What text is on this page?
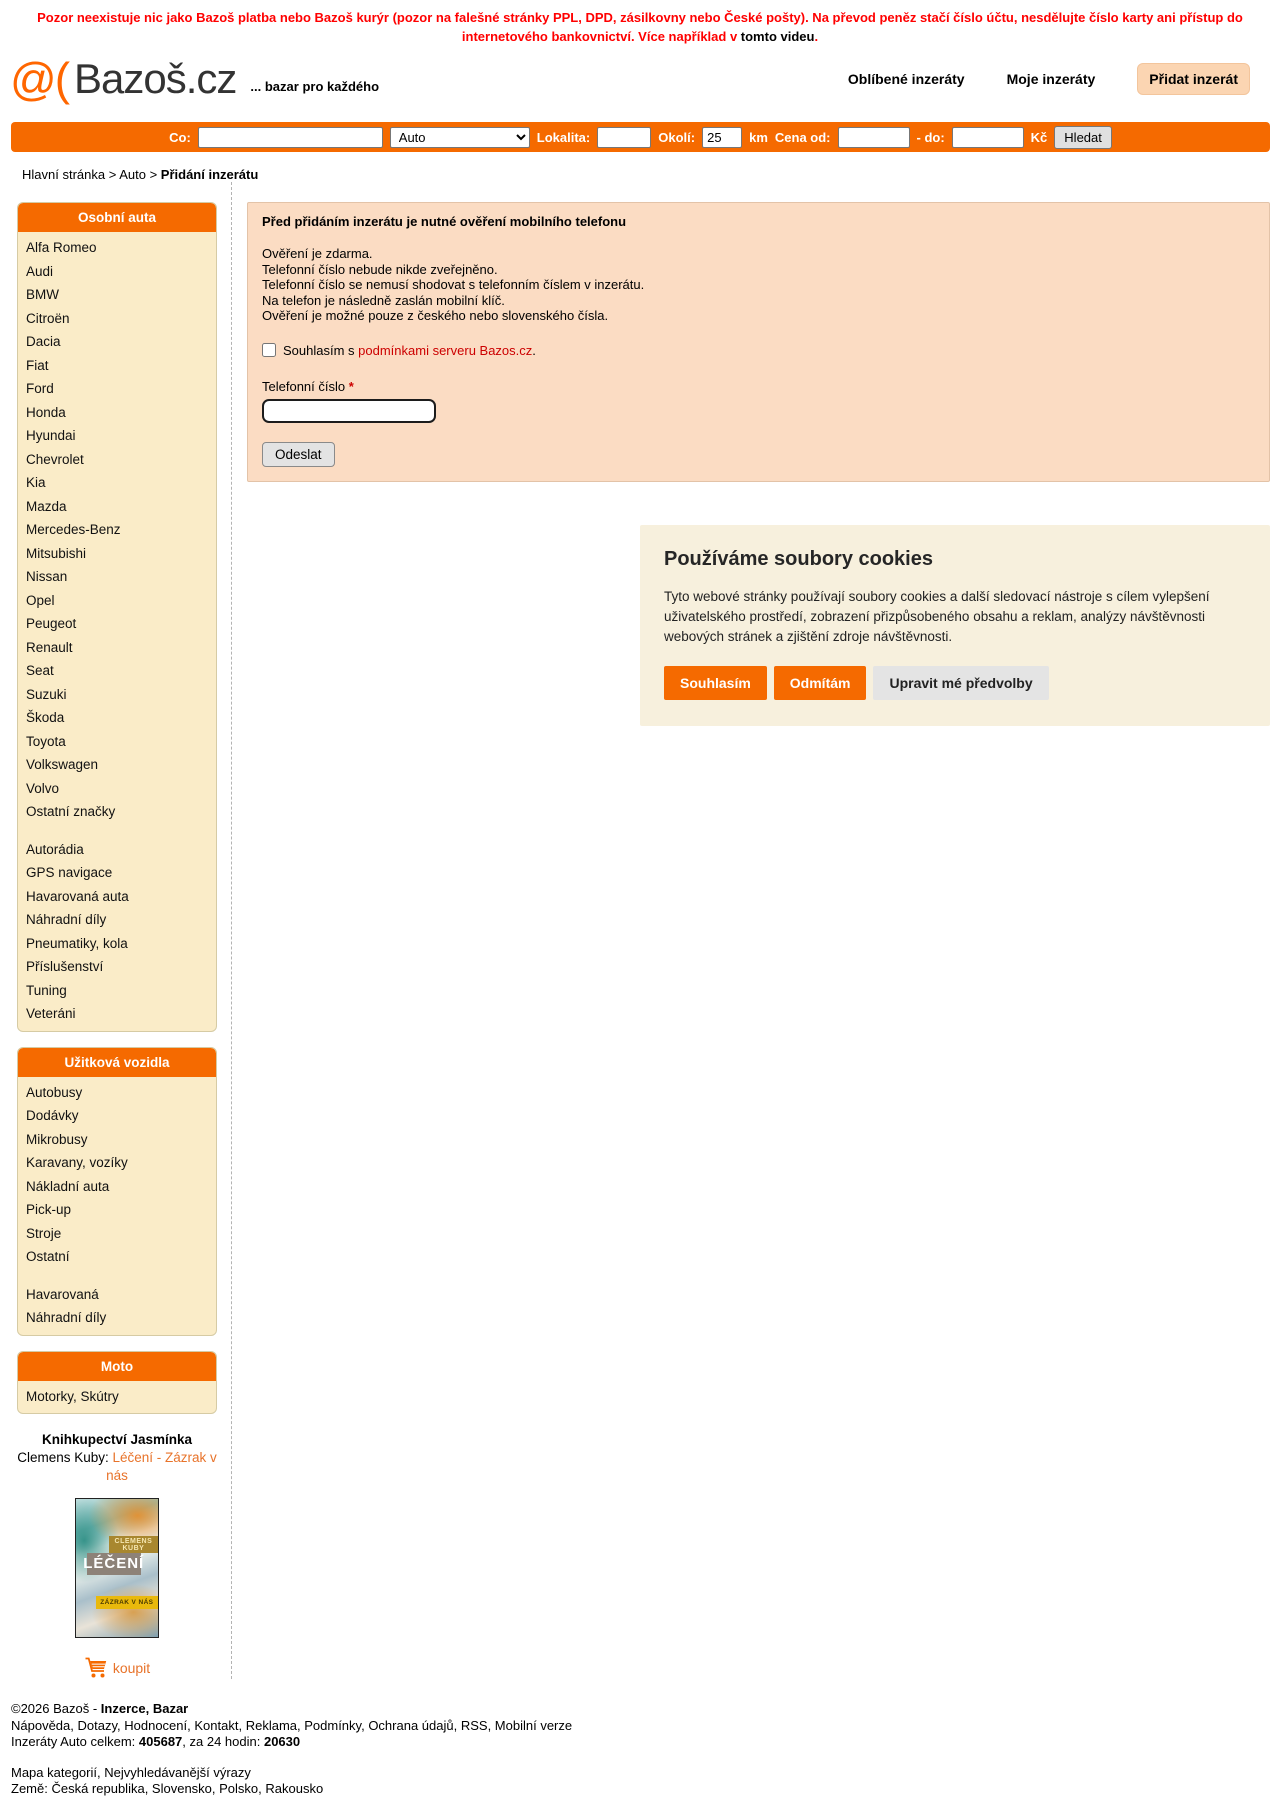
Pozor neexistuje nic jako Bazoš platba nebo Bazoš kurýr (pozor na falešné stránky PPL, DPD, zásilkovny nebo České pošty). Na převod peněz stačí číslo účtu, nesdělujte číslo karty ani přístup do internetového bankovnictví. Více například v tomto videu.

@( Bazoš.cz ... bazar pro každého	Oblíbené inzeráty	Moje inzeráty	Přidat inzerát
Co:
Auto	Lokalita:	Okolí:
25	km Cena od:	- do:	Kč	Hledat
Hlavní stránka > Auto > Přidání inzerátu
Osobní auta
Alfa Romeo
Audi
BMW
Citroën
Dacia
Fiat
Ford
Honda
Hyundai
Chevrolet
Kia
Mazda
Mercedes-Benz
Mitsubishi
Nissan
Opel
Peugeot
Renault
Seat
Suzuki
Škoda
Toyota
Volkswagen
Volvo
Ostatní značky
Autorádia
GPS navigace
Havarovaná auta
Náhradní díly
Pneumatiky, kola
Příslušenství
Tuning
Veteráni
Užitková vozidla
Autobusy
Dodávky
Mikrobusy
Karavany, vozíky
Nákladní auta
Pick-up
Stroje
Ostatní
Havarovaná
Náhradní díly
Moto
Motorky, Skútry
Knihkupectví Jasmínka
Clemens Kuby: Léčení - Zázrak v nás
CLEMENS KUBY
LÉČENÍ
ZÁZRAK V NÁS
koupit
Před přidáním inzerátu je nutné ověření mobilního telefonu
Ověření je zdarma.
Telefonní číslo nebude nikde zveřejněno.
Telefonní číslo se nemusí shodovat s telefonním číslem v inzerátu.
Na telefon je následně zaslán mobilní klíč.
Ověření je možné pouze z českého nebo slovenského čísla.
Souhlasím s podmínkami serveru Bazos.cz.
Telefonní číslo *
Odeslat
Používáme soubory cookies
Tyto webové stránky používají soubory cookies a další sledovací nástroje s cílem vylepšení uživatelského prostředí, zobrazení přizpůsobeného obsahu a reklam, analýzy návštěvnosti webových stránek a zjištění zdroje návštěvnosti.
Souhlasím	Odmítám	Upravit mé předvolby
©2026 Bazoš - Inzerce, Bazar
Nápověda, Dotazy, Hodnocení, Kontakt, Reklama, Podmínky, Ochrana údajů, RSS, Mobilní verze
Inzeráty Auto celkem: 405687, za 24 hodin: 20630
Mapa kategorií, Nejvyhledávanější výrazy
Země: Česká republika, Slovensko, Polsko, Rakousko
